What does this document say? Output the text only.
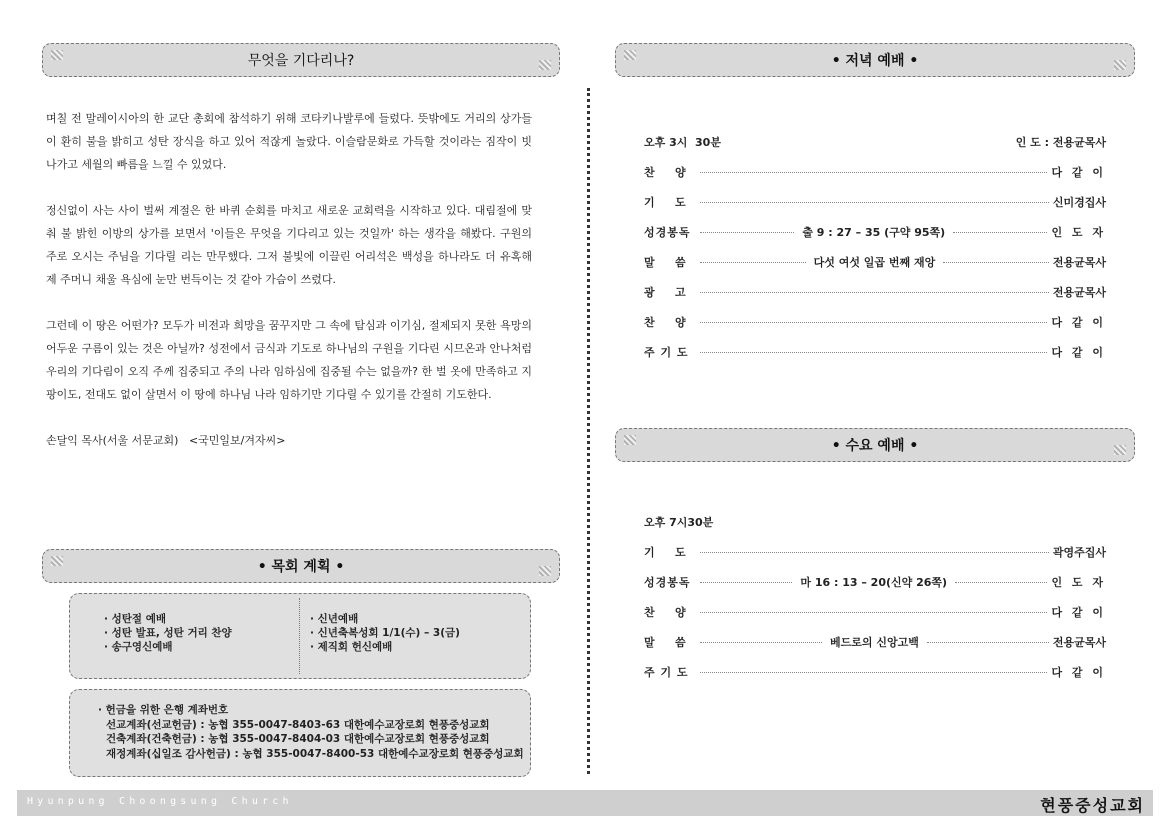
무엇을 기다리나?

며칠 전 말레이시아의 한 교단 총회에 참석하기 위해 코타키나발루에 들렀다. 뜻밖에도 거리의 상가들이 환히 불을 밝히고 성탄 장식을 하고 있어 적잖게 놀랐다. 이슬람문화로 가득할 것이라는 짐작이 빗나가고 세월의 빠름을 느낄 수 있었다.

정신없이 사는 사이 벌써 계절은 한 바퀴 순회를 마치고 새로운 교회력을 시작하고 있다. 대림절에 맞춰 불 밝힌 이방의 상가를 보면서 '이들은 무엇을 기다리고 있는 것일까' 하는 생각을 해봤다. 구원의 주로 오시는 주님을 기다릴 리는 만무했다. 그저 불빛에 이끌린 어리석은 백성을 하나라도 더 유혹해 제 주머니 채울 욕심에 눈만 번득이는 것 같아 가슴이 쓰렸다.

그런데 이 땅은 어떤가? 모두가 비전과 희망을 꿈꾸지만 그 속에 탐심과 이기심, 절제되지 못한 욕망의 어두운 구름이 있는 것은 아닐까? 성전에서 금식과 기도로 하나님의 구원을 기다린 시므온과 안나처럼 우리의 기다림이 오직 주께 집중되고 주의 나라 임하심에 집중될 수는 없을까? 한 벌 옷에 만족하고 지팡이도, 전대도 없이 살면서 이 땅에 하나님 나라 임하기만 기다릴 수 있기를 간절히 기도한다.

손달익 목사(서울 서문교회)   <국민일보/겨자씨>

• 목회 계획 •
· 성탄절 예배
· 성탄 발표, 성탄 거리 찬양
· 송구영신예배
· 신년예배
· 신년축복성회 1/1(수) – 3(금)
· 제직회 헌신예배
· 헌금을 위한 은행 계좌번호
선교계좌(선교헌금) : 농협 355-0047-8403-63 대한예수교장로회 현풍중성교회
건축계좌(건축헌금) : 농협 355-0047-8404-03 대한예수교장로회 현풍중성교회
재정계좌(십일조 감사헌금) : 농협 355-0047-8400-53 대한예수교장로회 현풍중성교회
• 저녁 예배 •
오후 3시  30분	인 도 : 전용균목사
찬    양	다 같 이
기    도	신미경집사
성경봉독	출 9 : 27 – 35 (구약 95쪽)	인 도 자
말    씀	다섯 여섯 일곱 번째 재앙	전용균목사
광    고	전용균목사
찬    양	다 같 이
주 기 도	다 같 이
• 수요 예배 •
오후 7시30분
기    도	곽영주집사
성경봉독	마 16 : 13 – 20(신약 26쪽)	인 도 자
찬    양	다 같 이
말    씀	베드로의 신앙고백	전용균목사
주 기 도	다 같 이
Hyunpung Choongsung Church	현풍중성교회
